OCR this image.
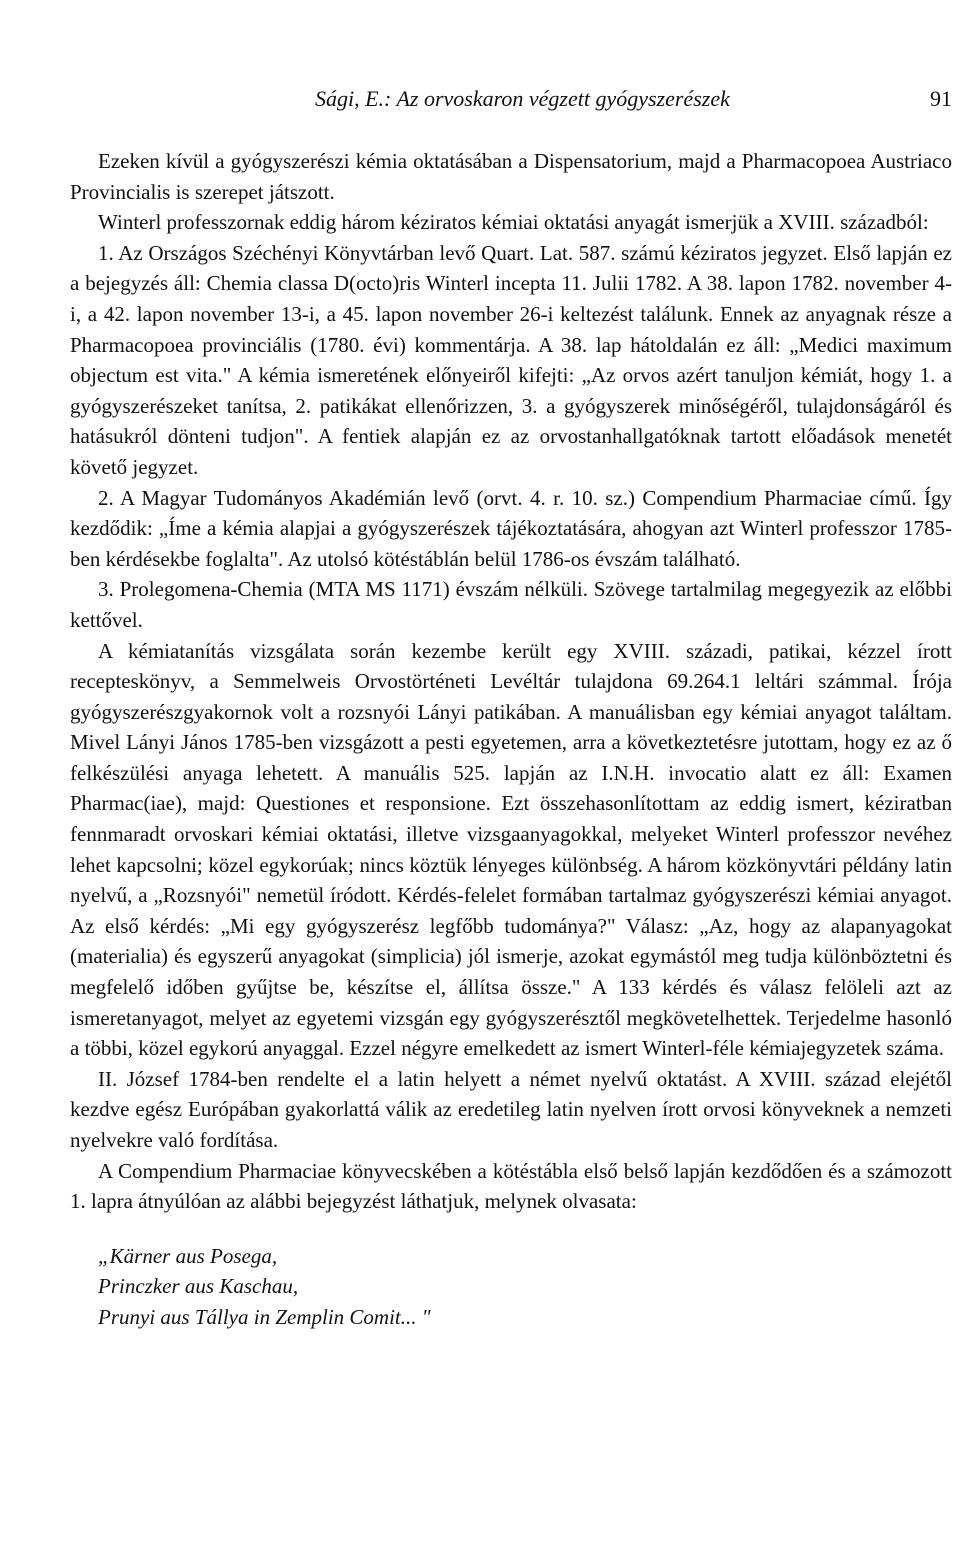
Sági, E.: Az orvoskaron végzett gyógyszerészek	91

Ezeken kívül a gyógyszerészi kémia oktatásában a Dispensatorium, majd a Pharmacopoea Austriaco Provincialis is szerepet játszott.

Winterl professzornak eddig három kéziratos kémiai oktatási anyagát ismerjük a XVIII. századból:

1. Az Országos Széchényi Könyvtárban levő Quart. Lat. 587. számú kéziratos jegyzet. Első lapján ez a bejegyzés áll: Chemia classa D(octo)ris Winterl incepta 11. Julii 1782. A 38. lapon 1782. november 4-i, a 42. lapon november 13-i, a 45. lapon november 26-i keltezést találunk. Ennek az anyagnak része a Pharmacopoea provinciális (1780. évi) kommentárja. A 38. lap hátoldalán ez áll: „Medici maximum objectum est vita." A kémia ismeretének előnyeiről kifejti: „Az orvos azért tanuljon kémiát, hogy 1. a gyógyszerészeket tanítsa, 2. patikákat ellenőrizzen, 3. a gyógyszerek minőségéről, tulajdonságáról és hatásukról dönteni tudjon". A fentiek alapján ez az orvostanhallgatóknak tartott előadások menetét követő jegyzet.

2. A Magyar Tudományos Akadémián levő (orvt. 4. r. 10. sz.) Compendium Pharmaciae című. Így kezdődik: „Íme a kémia alapjai a gyógyszerészek tájékoztatására, ahogyan azt Winterl professzor 1785-ben kérdésekbe foglalta". Az utolsó kötéstáblán belül 1786-os évszám található.

3. Prolegomena-Chemia (MTA MS 1171) évszám nélküli. Szövege tartalmilag megegyezik az előbbi kettővel.

A kémiatanítás vizsgálata során kezembe került egy XVIII. századi, patikai, kézzel írott recepteskönyv, a Semmelweis Orvostörténeti Levéltár tulajdona 69.264.1 leltári számmal. Írója gyógyszerészgyakornok volt a rozsnyói Lányi patikában. A manuálisban egy kémiai anyagot találtam. Mivel Lányi János 1785-ben vizsgázott a pesti egyetemen, arra a következtetésre jutottam, hogy ez az ő felkészülési anyaga lehetett. A manuális 525. lapján az I.N.H. invocatio alatt ez áll: Examen Pharmac(iae), majd: Questiones et responsione. Ezt összehasonlítottam az eddig ismert, kéziratban fennmaradt orvoskari kémiai oktatási, illetve vizsgaanyagokkal, melyeket Winterl professzor nevéhez lehet kapcsolni; közel egykorúak; nincs köztük lényeges különbség. A három közkönyvtári példány latin nyelvű, a „Rozsnyói" nemetül íródott. Kérdés-felelet formában tartalmaz gyógyszerészi kémiai anyagot. Az első kérdés: „Mi egy gyógyszerész legfőbb tudománya?" Válasz: „Az, hogy az alapanyagokat (materialia) és egyszerű anyagokat (simplicia) jól ismerje, azokat egymástól meg tudja különböztetni és megfelelő időben gyűjtse be, készítse el, állítsa össze." A 133 kérdés és válasz felöleli azt az ismeretanyagot, melyet az egyetemi vizsgán egy gyógyszerésztől megkövetelhettek. Terjedelme hasonló a többi, közel egykorú anyaggal. Ezzel négyre emelkedett az ismert Winterl-féle kémiajegyzetek száma.

II. József 1784-ben rendelte el a latin helyett a német nyelvű oktatást. A XVIII. század elejétől kezdve egész Európában gyakorlattá válik az eredetileg latin nyelven írott orvosi könyveknek a nemzeti nyelvekre való fordítása.

A Compendium Pharmaciae könyvecskében a kötéstábla első belső lapján kezdődően és a számozott 1. lapra átnyúlóan az alábbi bejegyzést láthatjuk, melynek olvasata:

„Kärner aus Posega,
Princzker aus Kaschau,
Prunyi aus Tállya in Zemplin Comit... "
